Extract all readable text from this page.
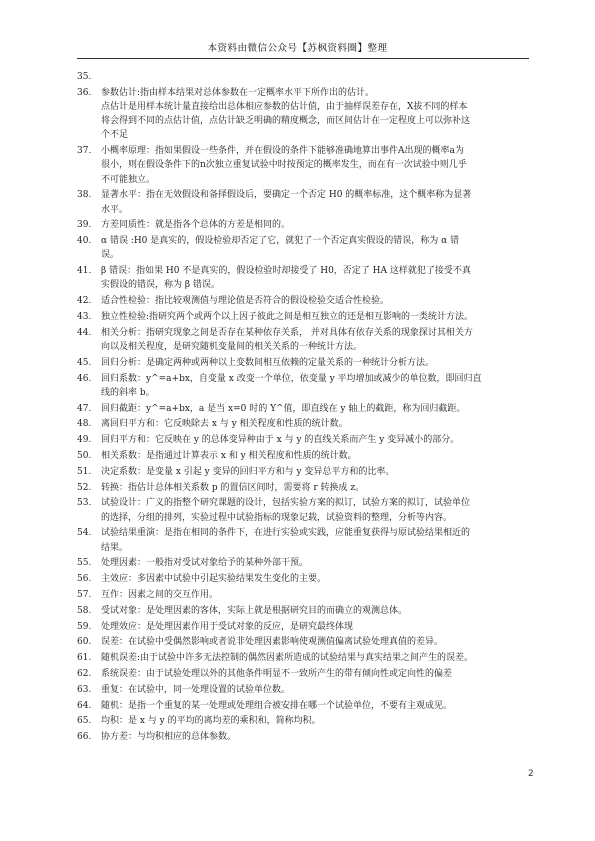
本资料由微信公众号【苏枫资料圈】整理
35.
36.	参数估计:指由样本结果对总体参数在一定概率水平下所作出的估计。
点估计是用样本统计量直接给出总体相应参数的估计值，由于抽样误差存在，X拔不同的样本
将会得到不同的点估计值，点估计缺乏明确的精度概念，而区间估计在一定程度上可以弥补这
个不足
37.	小概率原理：指如果假设一些条件，并在假设的条件下能够准确地算出事件A出现的概率a为
很小，则在假设条件下的n次独立重复试验中时按预定的概率发生，而在有一次试验中则几乎
不可能独立。
38.	显著水平：指在无效假设和备择假设后，要确定一个否定 H0 的概率标准，这个概率称为显著
水平。
39.	方差同质性：就是指各个总体的方差是相同的。
40.	α 错误 :H0 是真实的，假设检验却否定了它，就犯了一个否定真实假设的错误，称为 α 错
误。
41.	β 错误：指如果 H0 不是真实的，假设检验时却接受了 H0，否定了 HA 这样就犯了接受不真
实假设的错误，称为 β 错误。
42.	适合性检验：指比较观测值与理论值是否符合的假设检验交适合性检验。
43.	独立性检验:指研究两个或两个以上因子彼此之间是相互独立的还是相互影响的一类统计方法。
44.	相关分析：指研究现象之间是否存在某种依存关系， 并对具体有依存关系的现象探讨其相关方
向以及相关程度，是研究随机变量间的相关关系的一种统计方法。
45.	回归分析：是确定两种或两种以上变数间相互依赖的定量关系的一种统计分析方法。
46.	回归系数：y^=a+bx，自变量 x 改变一个单位，依变量 y 平均增加或减少的单位数，即回归直
线的斜率 b。
47.	回归截距：y^=a+bx，a 是当 x=0 时的 Y^值，即直线在 y 轴上的截距，称为回归截距。
48.	离回归平方和：它反映除去 x 与 y 相关程度和性质的统计数。
49.	回归平方和：它反映在 y 的总体变异种由于 x 与 y 的直线关系而产生 y 变异减小的部分。
50.	相关系数：是指通过计算表示 x 和 y 相关程度和性质的统计数。
51.	决定系数：是变量 x 引起 y 变异的回归平方和与 y 变异总平方和的比率。
52.	转换：指估计总体相关系数 p 的置信区间时，需要将 r 转换成 z。
53.	试验设计：广义的指整个研究课题的设计，包括实验方案的拟订，试验方案的拟订，试验单位
的选择，分组的排列，实验过程中试验指标的现象记载，试验资料的整理，分析等内容。
54.	试验结果重演：是指在相同的条件下，在进行实验或实践，应能重复获得与原试验结果相近的
结果。
55.	处理因素：一般指对受试对象给予的某种外部干预。
56.	主效应：多因素中试验中引起实验结果发生变化的主要。
57.	互作：因素之间的交互作用。
58.	受试对象：是处理因素的客体，实际上就是根据研究目的而确立的观测总体。
59.	处理效应：是处理因素作用于受试对象的反应，是研究最终体现
60.	误差：在试验中受偶然影响或者说非处理因素影响使观测值偏离试验处理真值的差异。
61.	随机误差:由于试验中许多无法控制的偶然因素所造成的试验结果与真实结果之间产生的误差。
62.	系统误差：由于试验处理以外的其他条件明显不一致所产生的带有倾向性或定向性的偏差
63.	重复：在试验中，同一处理设置的试验单位数。
64.	随机：是指一个重复的某一处理或处理组合被安排在哪一个试验单位，不要有主观成见。
65.	均积：是 x 与 y 的平均的离均差的乘积和，简称均积。
66.	协方差：与均积相应的总体参数。
2
